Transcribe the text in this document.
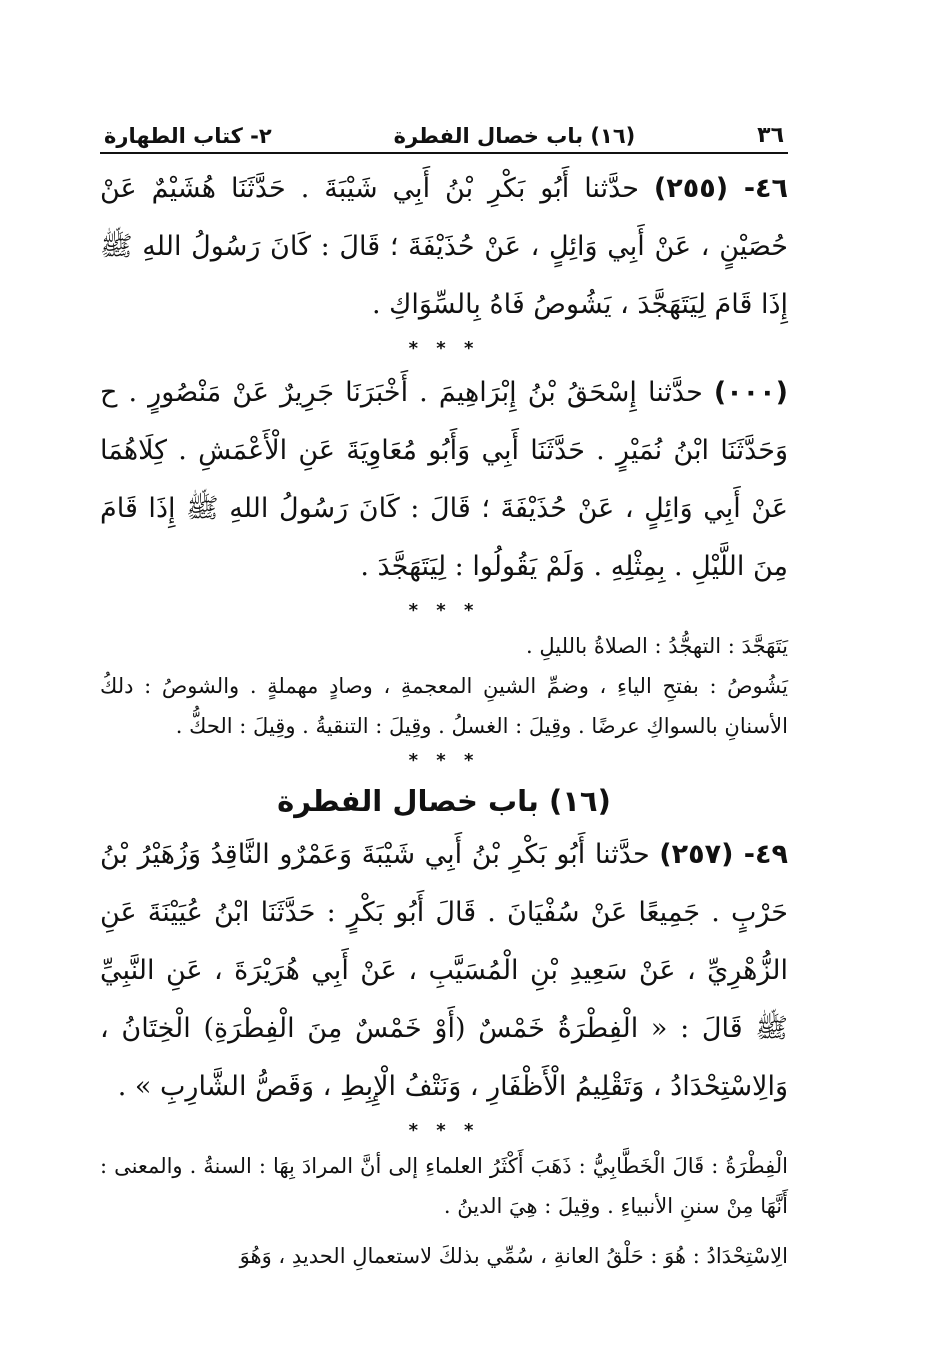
٣٦
(١٦) باب خصال الفطرة
٢- كتاب الطهارة

٤٦- (٢٥٥) حدَّثنا أَبُو بَكْرِ بْنُ أَبِي شَيْبَةَ . حَدَّثَنَا هُشَيْمٌ عَنْ حُصَيْنٍ ، عَنْ أَبِي وَائِلٍ ، عَنْ حُذَيْفَةَ ؛ قَالَ : كَانَ رَسُولُ اللهِ ﷺ إِذَا قَامَ لِيَتَهَجَّدَ ، يَشُوصُ فَاهُ بِالسِّوَاكِ .

* * *

(٠٠٠) حدَّثنا إِسْحَقُ بْنُ إِبْرَاهِيمَ . أَخْبَرَنَا جَرِيرٌ عَنْ مَنْصُورٍ . ح وَحَدَّثَنَا ابْنُ نُمَيْرٍ . حَدَّثَنَا أَبِي وَأَبُو مُعَاوِيَةَ عَنِ الْأَعْمَشِ . كِلَاهُمَا عَنْ أَبِي وَائِلٍ ، عَنْ حُذَيْفَةَ ؛ قَالَ : كَانَ رَسُولُ اللهِ ﷺ إِذَا قَامَ مِنَ اللَّيْلِ . بِمِثْلِهِ . وَلَمْ يَقُولُوا : لِيَتَهَجَّدَ .

* * *

يَتَهَجَّدَ : التهجُّدُ : الصلاةُ بالليلِ .

يَشُوصُ : بفتحِ الياءِ ، وضمِّ الشينِ المعجمةِ ، وصادٍ مهملةٍ . والشوصُ : دلكُ الأسنانِ بالسواكِ عرضًا . وقِيلَ : الغسلُ . وقِيلَ : التنقيةُ . وقِيلَ : الحكُّ .

* * *
(١٦) باب خصال الفطرة

٤٩- (٢٥٧) حدَّثنا أَبُو بَكْرِ بْنُ أَبِي شَيْبَةَ وَعَمْرٌو النَّاقِدُ وَزُهَيْرُ بْنُ حَرْبٍ . جَمِيعًا عَنْ سُفْيَانَ . قَالَ أَبُو بَكْرٍ : حَدَّثَنَا ابْنُ عُيَيْنَةَ عَنِ الزُّهْرِيِّ ، عَنْ سَعِيدِ بْنِ الْمُسَيَّبِ ، عَنْ أَبِي هُرَيْرَةَ ، عَنِ النَّبِيِّ ﷺ قَالَ : « الْفِطْرَةُ خَمْسٌ (أَوْ خَمْسٌ مِنَ الْفِطْرَةِ) الْخِتَانُ ، وَالِاسْتِحْدَادُ ، وَتَقْلِيمُ الْأَظْفَارِ ، وَنَتْفُ الْإِبِطِ ، وَقَصُّ الشَّارِبِ » .

* * *

الْفِطْرَةُ : قَالَ الْخَطَّابِيُّ : ذَهَبَ أَكْثَرُ العلماءِ إلى أنَّ المرادَ بِهَا : السنةُ . والمعنى : أَنَّهَا مِنْ سننِ الأنبياءِ . وقِيلَ : هِيَ الدينُ .

الِاسْتِحْدَادُ : هُوَ : حَلْقُ العانةِ ، سُمِّي بذلكَ لاستعمالِ الحديدِ ، وَهُوَ
